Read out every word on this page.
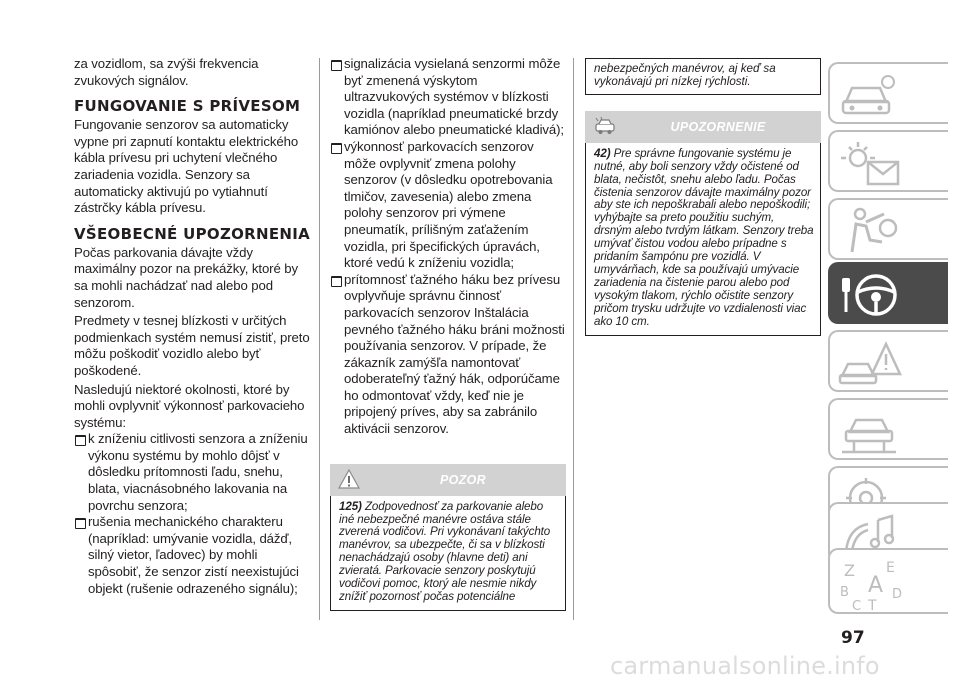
za vozidlom, sa zvýši frekvencia zvukových signálov.

FUNGOVANIE S PRÍVESOM

Fungovanie senzorov sa automaticky vypne pri zapnutí kontaktu elektrického kábla prívesu pri uchytení vlečného zariadenia vozidla. Senzory sa automaticky aktivujú po vytiahnutí zástrčky kábla prívesu.

VŠEOBECNÉ UPOZORNENIA

Počas parkovania dávajte vždy maximálny pozor na prekážky, ktoré by sa mohli nachádzať nad alebo pod senzorom.

Predmety v tesnej blízkosti v určitých podmienkach systém nemusí zistiť, preto môžu poškodiť vozidlo alebo byť poškodené.

Nasledujú niektoré okolnosti, ktoré by mohli ovplyvniť výkonnosť parkovacieho systému:

k zníženiu citlivosti senzora a zníženiu výkonu systému by mohlo dôjsť v dôsledku prítomnosti ľadu, snehu, blata, viacnásobného lakovania na povrchu senzora;

rušenia mechanického charakteru (napríklad: umývanie vozidla, dážď, silný vietor, ľadovec) by mohli spôsobiť, že senzor zistí neexistujúci objekt (rušenie odrazeného signálu);

signalizácia vysielaná senzormi môže byť zmenená výskytom ultrazvukových systémov v blízkosti vozidla (napríklad pneumatické brzdy kamiónov alebo pneumatické kladivá);

výkonnosť parkovacích senzorov môže ovplyvniť zmena polohy senzorov (v dôsledku opotrebovania tlmičov, zavesenia) alebo zmena polohy senzorov pri výmene pneumatík, prílišným zaťažením vozidla, pri špecifických úpravách, ktoré vedú k zníženiu vozidla;

prítomnosť ťažného háku bez prívesu ovplyvňuje správnu činnosť parkovacích senzorov Inštalácia pevného ťažného háku bráni možnosti používania senzorov. V prípade, že zákazník zamýšľa namontovať odoberateľný ťažný hák, odporúčame ho odmontovať vždy, keď nie je pripojený príves, aby sa zabránilo aktivácii senzorov.

POZOR

125) Zodpovednosť za parkovanie alebo iné nebezpečné manévre ostáva stále zverená vodičovi. Pri vykonávaní takýchto manévrov, sa ubezpečte, či sa v blízkosti nenachádzajú osoby (hlavne deti) ani zvieratá. Parkovacie senzory poskytujú vodičovi pomoc, ktorý ale nesmie nikdy znížiť pozornosť počas potenciálne

nebezpečných manévrov, aj keď sa vykonávajú pri nízkej rýchlosti.

UPOZORNENIE

42) Pre správne fungovanie systému je nutné, aby boli senzory vždy očistené od blata, nečistôt, snehu alebo ľadu. Počas čistenia senzorov dávajte maximálny pozor aby ste ich nepoškrabali alebo nepoškodili; vyhýbajte sa preto použitiu suchým, drsným alebo tvrdým látkam. Senzory treba umývať čistou vodou alebo prípadne s pridaním šampónu pre vozidlá. V umyvárňach, kde sa používajú umývacie zariadenia na čistenie parou alebo pod vysokým tlakom, rýchlo očistite senzory pričom trysku udržujte vo vzdialenosti viac ako 10 cm.

Z E
B A
C T
D
97
carmanualsonline.info
